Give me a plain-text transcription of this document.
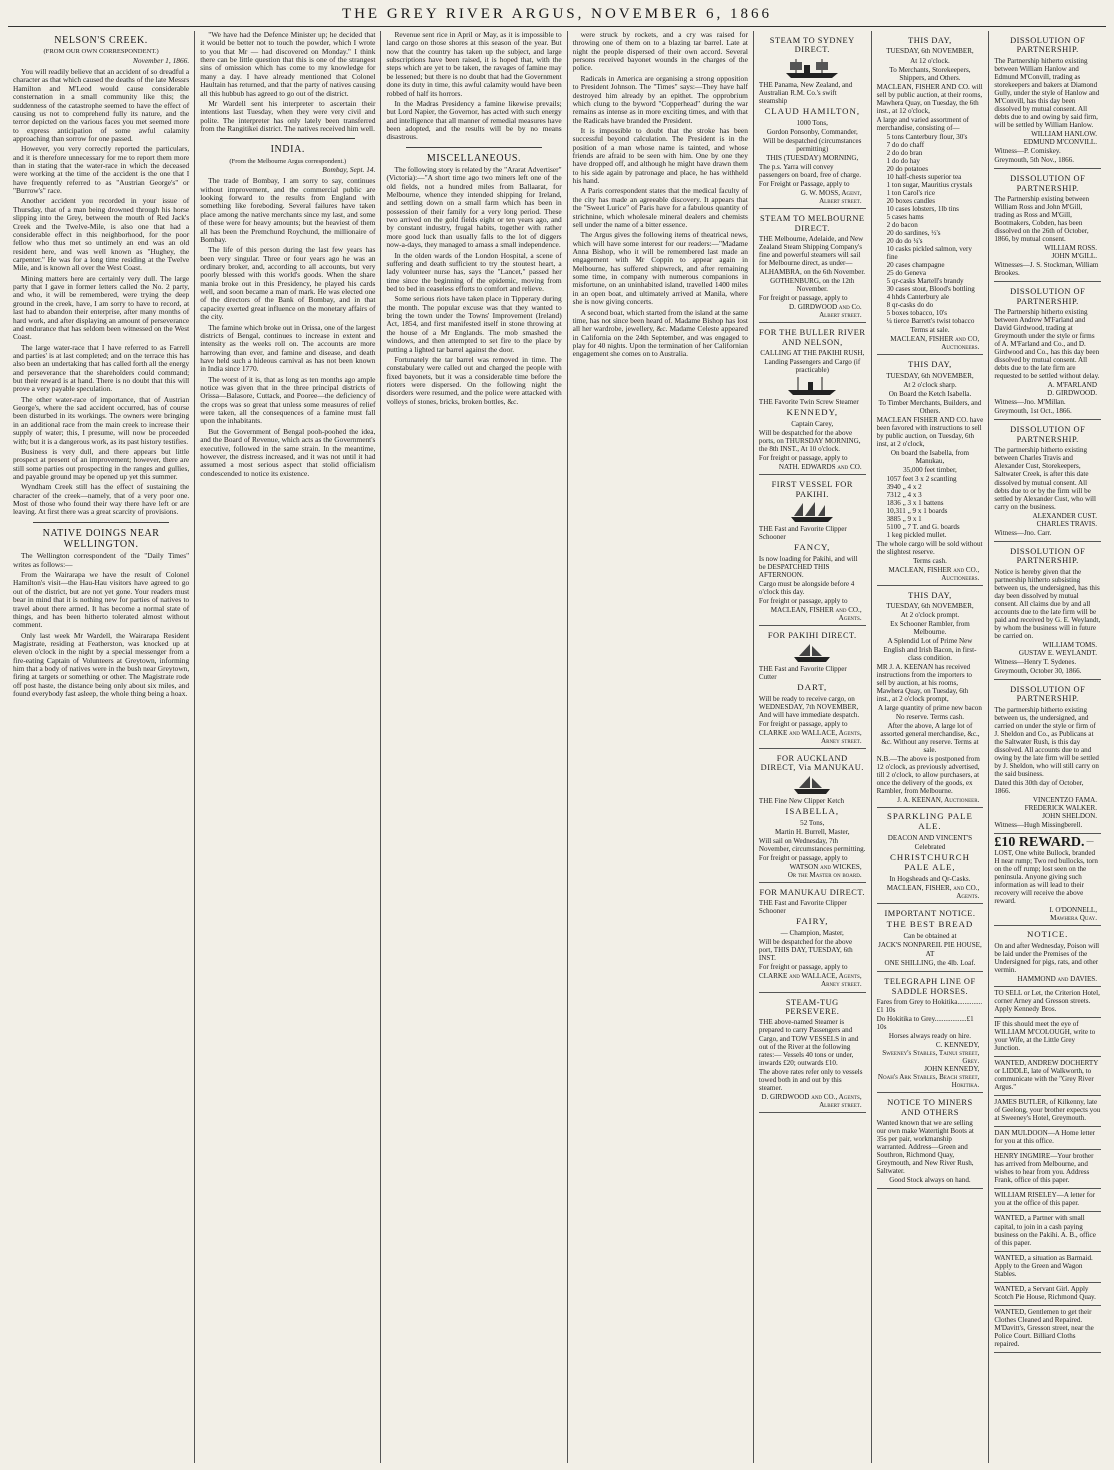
THE GREY RIVER ARGUS, NOVEMBER 6, 1866
NELSON'S CREEK.
(FROM OUR OWN CORRESPONDENT.)
November 1, 1866.

You will readily believe that an accident of so dreadful a character as that which caused the deaths of the late Messrs Hamilton and M'Leod would cause considerable consternation in a small community like this; the suddenness of the catastrophe seemed to have the effect of causing us not to comprehend fully its nature, and the terror depicted on the various faces you met seemed more to express anticipation of some awful calamity approaching than sorrow for one passed.

However, you very correctly reported the particulars, and it is therefore unnecessary for me to report them more than in stating that the water-race in which the deceased were working at the time of the accident is the one that I have frequently referred to as "Austrian George's" or "Burrow's" race.

Another accident you recorded in your issue of Thursday, that of a man being drowned through his horse slipping into the Grey, between the mouth of Red Jack's Creek and the Twelve-Mile, is also one that had a considerable effect in this neighborhood, for the poor fellow who thus met so untimely an end was an old resident here, and was well known as "Hughey, the carpenter." He was for a long time residing at the Twelve Mile, and is known all over the West Coast.

Mining matters here are certainly very dull. The large party that I gave in former letters called the No. 2 party, and who, it will be remembered, were trying the deep ground in the creek, have, I am sorry to have to record, at last had to abandon their enterprise, after many months of hard work, and after displaying an amount of perseverance and endurance that has seldom been witnessed on the West Coast.

The large water-race that I have referred to as Farrell and parties' is at last completed; and on the terrace this has also been an undertaking that has called forth all the energy and perseverance that the shareholders could command; but their reward is at hand. There is no doubt that this will prove a very payable speculation.

The other water-race of importance, that of Austrian George's, where the sad accident occurred, has of course been disturbed in its workings. The owners were bringing in an additional race from the main creek to increase their supply of water; this, I presume, will now be proceeded with; but it is a dangerous work, as its past history testifies.

Business is very dull, and there appears but little prospect at present of an improvement; however, there are still some parties out prospecting in the ranges and gullies, and payable ground may be opened up yet this summer.

Wyndham Creek still has the effect of sustaining the character of the creek—namely, that of a very poor one. Most of those who found their way there have left or are leaving. At first there was a great scarcity of provisions.

NATIVE DOINGS NEAR WELLINGTON.

The Wellington correspondent of the "Daily Times" writes as follows:—

From the Wairarapa we have the result of Colonel Hamilton's visit—the Hau-Hau visitors have agreed to go out of the district, but are not yet gone. Your readers must bear in mind that it is nothing new for parties of natives to travel about there armed. It has become a normal state of things, and has been hitherto tolerated almost without comment.

Only last week Mr Wardell, the Wairarapa Resident Magistrate, residing at Featherston, was knocked up at eleven o'clock in the night by a special messenger from a fire-eating Captain of Volunteers at Greytown, informing him that a body of natives were in the bush near Greytown, firing at targets or something or other. The Magistrate rode off post haste, the distance being only about six miles, and found everybody fast asleep, the whole thing being a hoax.

"We have had the Defence Minister up; he decided that it would be better not to touch the powder, which I wrote to you that Mr — had discovered on Monday." I think there can be little question that this is one of the strangest sins of omission which has come to my knowledge for many a day. I have already mentioned that Colonel Haultain has returned, and that the party of natives causing all this hubbub has agreed to go out of the district.

Mr Wardell sent his interpreter to ascertain their intentions last Tuesday, when they were very civil and polite. The interpreter has only lately been transferred from the Rangitikei district. The natives received him well.

INDIA.
(From the Melbourne Argus correspondent.)
Bombay, Sept. 14.

The trade of Bombay, I am sorry to say, continues without improvement, and the commercial public are looking forward to the results from England with something like foreboding. Several failures have taken place among the native merchants since my last, and some of these were for heavy amounts; but the heaviest of them all has been the Premchund Roychund, the millionaire of Bombay.

The life of this person during the last few years has been very singular. Three or four years ago he was an ordinary broker, and, according to all accounts, but very poorly blessed with this world's goods. When the share mania broke out in this Presidency, he played his cards well, and soon became a man of mark. He was elected one of the directors of the Bank of Bombay, and in that capacity exerted great influence on the monetary affairs of the city.

The famine which broke out in Orissa, one of the largest districts of Bengal, continues to increase in extent and intensity as the weeks roll on. The accounts are more harrowing than ever, and famine and disease, and death have held such a hideous carnival as has not been known in India since 1770.

The worst of it is, that as long as ten months ago ample notice was given that in the three principal districts of Orissa—Balasore, Cuttack, and Pooree—the deficiency of the crops was so great that unless some measures of relief were taken, all the consequences of a famine must fall upon the inhabitants.

But the Government of Bengal pooh-poohed the idea, and the Board of Revenue, which acts as the Government's executive, followed in the same strain. In the meantime, however, the distress increased, and it was not until it had assumed a most serious aspect that stolid officialism condescended to notice its existence.

Revenue sent rice in April or May, as it is impossible to land cargo on those shores at this season of the year. But now that the country has taken up the subject, and large subscriptions have been raised, it is hoped that, with the steps which are yet to be taken, the ravages of famine may be lessened; but there is no doubt that had the Government done its duty in time, this awful calamity would have been robbed of half its horrors.

In the Madras Presidency a famine likewise prevails; but Lord Napier, the Governor, has acted with such energy and intelligence that all manner of remedial measures have been adopted, and the results will be by no means disastrous.

MISCELLANEOUS.

The following story is related by the "Ararat Advertiser" (Victoria):—"A short time ago two miners left one of the old fields, not a hundred miles from Ballaarat, for Melbourne, whence they intended shipping for Ireland, and settling down on a small farm which has been in possession of their family for a very long period. These two arrived on the gold fields eight or ten years ago, and by constant industry, frugal habits, together with rather more good luck than usually falls to the lot of diggers now-a-days, they managed to amass a small independence.

In the olden wards of the London Hospital, a scene of suffering and death sufficient to try the stoutest heart, a lady volunteer nurse has, says the "Lancet," passed her time since the beginning of the epidemic, moving from bed to bed in ceaseless efforts to comfort and relieve.

Some serious riots have taken place in Tipperary during the month. The popular excuse was that they wanted to bring the town under the Towns' Improvement (Ireland) Act, 1854, and first manifested itself in stone throwing at the house of a Mr Englands. The mob smashed the windows, and then attempted to set fire to the place by putting a lighted tar barrel against the door.

Fortunately the tar barrel was removed in time. The constabulary were called out and charged the people with fixed bayonets, but it was a considerable time before the rioters were dispersed. On the following night the disorders were resumed, and the police were attacked with volleys of stones, bricks, broken bottles, &c.

were struck by rockets, and a cry was raised for throwing one of them on to a blazing tar barrel. Late at night the people dispersed of their own accord. Several persons received bayonet wounds in the charges of the police.

Radicals in America are organising a strong opposition to President Johnson. The "Times" says:—They have half destroyed him already by an epithet. The opprobrium which clung to the byword "Copperhead" during the war remains as intense as in more exciting times, and with that the Radicals have branded the President.

It is impossible to doubt that the stroke has been successful beyond calculation. The President is in the position of a man whose name is tainted, and whose friends are afraid to be seen with him. One by one they have dropped off, and although he might have drawn them to his side again by patronage and place, he has withheld his hand.

A Paris correspondent states that the medical faculty of the city has made an agreeable discovery. It appears that the "Sweet Lurice" of Paris have for a fabulous quantity of strichnine, which wholesale mineral dealers and chemists sell under the name of a bitter essence.

The Argus gives the following items of theatrical news, which will have some interest for our readers:—"Madame Anna Bishop, who it will be remembered last made an engagement with Mr Coppin to appear again in Melbourne, has suffered shipwreck, and after remaining some time, in company with numerous companions in misfortune, on an uninhabited island, travelled 1400 miles in an open boat, and ultimately arrived at Manila, where she is now giving concerts.

A second boat, which started from the island at the same time, has not since been heard of. Madame Bishop has lost all her wardrobe, jewellery, &c. Madame Celeste appeared in California on the 24th September, and was engaged to play for 40 nights. Upon the termination of her Californian engagement she comes on to Australia.

STEAM TO SYDNEY DIRECT.
THE Panama, New Zealand, and Australian R.M. Co.'s swift steamship
CLAUD HAMILTON,
1000 Tons,
Gordon Ponsonby, Commander,
Will be despatched (circumstances permitting)
THIS (TUESDAY) MORNING,
The p.s. Yarra will convey passengers on board, free of charge.
For Freight or Passage, apply to
G. W. MOSS, Agent,
Albert street.
STEAM TO MELBOURNE DIRECT.
THE Melbourne, Adelaide, and New Zealand Steam Shipping Company's fine and powerful steamers will sail for Melbourne direct, as under—
ALHAMBRA, on the 6th November.
GOTHENBURG, on the 12th November.
For freight or passage, apply to
D. GIRDWOOD and Co.
Albert street.
FOR THE BULLER RIVER AND NELSON,
CALLING AT THE PAKIHI RUSH,
Landing Passengers and Cargo (if practicable)
THE Favorite Twin Screw Steamer
KENNEDY,
Captain Carey,
Will be despatched for the above ports, on THURSDAY MORNING, the 8th INST., At 10 o'clock.
For freight or passage, apply to
NATH. EDWARDS and CO.
FIRST VESSEL FOR PAKIHI.
THE Fast and Favorite Clipper Schooner
FANCY,
Is now loading for Pakihi, and will be DESPATCHED THIS AFTERNOON.
Cargo must be alongside before 4 o'clock this day.
For freight or passage, apply to
MACLEAN, FISHER and CO., Agents.
FOR PAKIHI DIRECT.
THE Fast and Favorite Clipper Cutter
DART,
Will be ready to receive cargo, on WEDNESDAY, 7th NOVEMBER, And will have immediate despatch.
For freight or passage, apply to
CLARKE and WALLACE, Agents,
Arney street.
FOR AUCKLAND DIRECT, Via MANUKAU.
THE Fine New Clipper Ketch
ISABELLA,
52 Tons,
Martin H. Burrell, Master,
Will sail on Wednesday, 7th November, circumstances permitting.
For freight or passage, apply to
WATSON and WICKES,
Or the Master on board.
FOR MANUKAU DIRECT.
THE Fast and Favorite Clipper Schooner
FAIRY,
— Champion, Master,
Will be despatched for the above port, THIS DAY, TUESDAY, 6th INST.
For freight or passage, apply to
CLARKE and WALLACE, Agents,
Arney street.
STEAM-TUG PERSEVERE.
THE above-named Steamer is prepared to carry Passengers and Cargo, and TOW VESSELS in and out of the River at the following rates:— Vessels 40 tons or under, inwards £20; outwards £10.
The above rates refer only to vessels towed both in and out by this steamer.
D. GIRDWOOD and CO., Agents,
Albert street.
THIS DAY,
TUESDAY, 6th NOVEMBER,
At 12 o'clock.
To Merchants, Storekeepers, Shippers, and Others.
MACLEAN, FISHER AND CO. will sell by public auction, at their rooms, Mawhera Quay, on Tuesday, the 6th inst., at 12 o'clock,
A large and varied assortment of merchandise, consisting of—
5 tons Canterbury flour, 30's
7 do do chaff
2 do do bran
1 do do hay
20 do potatoes
10 half-chests superior tea
1 ton sugar, Mauritius crystals
1 ton Carol's rice
20 boxes candles
10 cases lobsters, 1lb tins
5 cases hams
2 do bacon
20 do sardines, ½'s
20 do do ¼'s
10 casks pickled salmon, very fine
20 cases champagne
25 do Geneva
5 qr-casks Martell's brandy
30 cases stout, Blood's bottling
4 hhds Canterbury ale
8 qr-casks do do
5 boxes tobacco, 10's
¼ tierce Barrett's twist tobacco
Terms at sale.
MACLEAN, FISHER and CO, Auctioneers.
THIS DAY,
TUESDAY, 6th NOVEMBER,
At 2 o'clock sharp.
On Board the Ketch Isabella.
To Timber Merchants, Builders, and Others.
MACLEAN FISHER AND CO. have been favored with instructions to sell by public auction, on Tuesday, 6th inst, at 2 o'clock,
On board the Isabella, from Manukau,
35,000 feet timber,
1057 feet 3 x 2 scantling
3940 „ 4 x 2
7312 „ 4 x 3
1836 „ 3 x 1 battens
10,311 „ 9 x 1 boards
3885 „ 9 x 1
5100 „ 7 T. and G. boards
1 keg pickled mullet.
The whole cargo will be sold without the slightest reserve.
Terms cash.
MACLEAN, FISHER and CO., Auctioneers.
THIS DAY,
TUESDAY, 6th NOVEMBER,
At 2 o'clock prompt.
Ex Schooner Rambler, from Melbourne.
A Splendid Lot of Prime New English and Irish Bacon, in first-class condition.
MR J. A. KEENAN has received instructions from the importers to sell by auction, at his rooms, Mawhera Quay, on Tuesday, 6th inst., at 2 o'clock prompt,
A large quantity of prime new bacon
No reserve. Terms cash.
After the above, A large lot of assorted general merchandise, &c., &c. Without any reserve. Terms at sale.
N.B.—The above is postponed from 12 o'clock, as previously advertised, till 2 o'clock, to allow purchasers, at once the delivery of the goods, ex Rambler, from Melbourne.
J. A. KEENAN, Auctioneer.
SPARKLING PALE ALE.
DEACON AND VINCENT'S
Celebrated
CHRISTCHURCH PALE ALE,
In Hogsheads and Qr-Casks.
MACLEAN, FISHER, and CO., Agents.
IMPORTANT NOTICE.
THE BEST BREAD
Can be obtained at
JACK'S NONPAREIL PIE HOUSE,
AT
ONE SHILLING, the 4lb. Loaf.
TELEGRAPH LINE OF SADDLE HORSES.
Fares from Grey to Hokitika..............£1 10s
Do Hokitika to Grey..................£1 10s
Horses always ready on hire.
C. KENNEDY,
Sweeney's Stables, Tainui street, Grey.
JOHN KENNEDY,
Noah's Ark Stables, Beach street, Hokitika.
NOTICE TO MINERS AND OTHERS
Wanted known that we are selling our own make Watertight Boots at 35s per pair, workmanship warranted. Address—Green and Southron, Richmond Quay, Greymouth, and New River Rush, Saltwater.
Good Stock always on hand.
DISSOLUTION OF PARTNERSHIP.
The Partnership hitherto existing between William Hanlow and Edmund M'Convill, trading as storekeepers and bakers at Diamond Gully, under the style of Hanlow and M'Convill, has this day been dissolved by mutual consent. All debts due to and owing by said firm, will be settled by William Hanlow.
WILLIAM HANLOW.
EDMUND M'CONVILL.
Witness—P. Comiskey.
Greymouth, 5th Nov., 1866.
DISSOLUTION OF PARTNERSHIP.
The Partnership existing between William Ross and John M'Gill, trading as Ross and M'Gill, Bootmakers, Cobden, has been dissolved on the 26th of October, 1866, by mutual consent.
WILLIAM ROSS.
JOHN M'GILL.
Witnesses—J. S. Stockman, William Brookes.
DISSOLUTION OF PARTNERSHIP.
The Partnership hitherto existing between Andrew M'Farland and David Girdwood, trading at Greymouth under the style or firms of A. M'Farland and Co., and D. Girdwood and Co., has this day been dissolved by mutual consent. All debts due to the late firm are requested to be settled without delay.
A. M'FARLAND
D. GIRDWOOD.
Witness—Jno. M'Millan.
Greymouth, 1st Oct., 1866.
DISSOLUTION OF PARTNERSHIP.
The partnership hitherto existing between Charles Travis and Alexander Cust, Storekeepers, Saltwater Creek, is after this date dissolved by mutual consent. All debts due to or by the firm will be settled by Alexander Cust, who will carry on the business.
ALEXANDER CUST.
CHARLES TRAVIS.
Witness—Jno. Carr.
DISSOLUTION OF PARTNERSHIP.
Notice is hereby given that the partnership hitherto subsisting between us, the undersigned, has this day been dissolved by mutual consent. All claims due by and all accounts due to the late firm will be paid and received by G. E. Weylandt, by whom the business will in future be carried on.
WILLIAM TOMS.
GUSTAV E. WEYLANDT.
Witness—Henry T. Sydenes.
Greymouth, October 30, 1866.
DISSOLUTION OF PARTNERSHIP.
The partnership hitherto existing between us, the undersigned, and carried on under the style or firm of J. Sheldon and Co., as Publicans at the Saltwater Rush, is this day dissolved. All accounts due to and owing by the late firm will be settled by J. Sheldon, who will still carry on the said business.
Dated this 30th day of October, 1866.
VINCENTZO FAMA.
FREDERICK WALKER.
JOHN SHELDON.
Witness—Hugh Missingberell.
£10 REWARD. —LOST, One white Bullock, branded H near rump; Two red bullocks, torn on the off rump; lost seen on the peninsula. Anyone giving such information as will lead to their recovery will receive the above reward.
I. O'DONNELL,
Mawhera Quay.
NOTICE.
On and after Wednesday, Poison will be laid under the Premises of the Undersigned for pigs, rats, and other vermin.
HAMMOND and DAVIES.

TO SELL or Let, the Criterion Hotel, corner Arney and Gresson streets. Apply Kennedy Bros.

IF this should meet the eye of WILLIAM M'COLOUGH, write to your Wife, at the Little Grey Junction.

WANTED, ANDREW DOCHERTY or LIDDLE, late of Walkworth, to communicate with the "Grey River Argus."

JAMES BUTLER, of Kilkenny, late of Geelong, your brother expects you at Sweeney's Hotel, Greymouth.

DAN MULDOON—A Home letter for you at this office.

HENRY INGMIRE—Your brother has arrived from Melbourne, and wishes to hear from you. Address Frank, office of this paper.

WILLIAM RISELEY—A letter for you at the office of this paper.

WANTED, a Partner with small capital, to join in a cash paying business on the Pakihi. A. B., office of this paper.

WANTED, a situation as Barmaid. Apply to the Green and Wagon Stables.

WANTED, a Servant Girl. Apply Scotch Pie House, Richmond Quay.

WANTED, Gentlemen to get their Clothes Cleaned and Repaired. M'Davitt's, Gresson street, near the Police Court. Billiard Cloths repaired.
